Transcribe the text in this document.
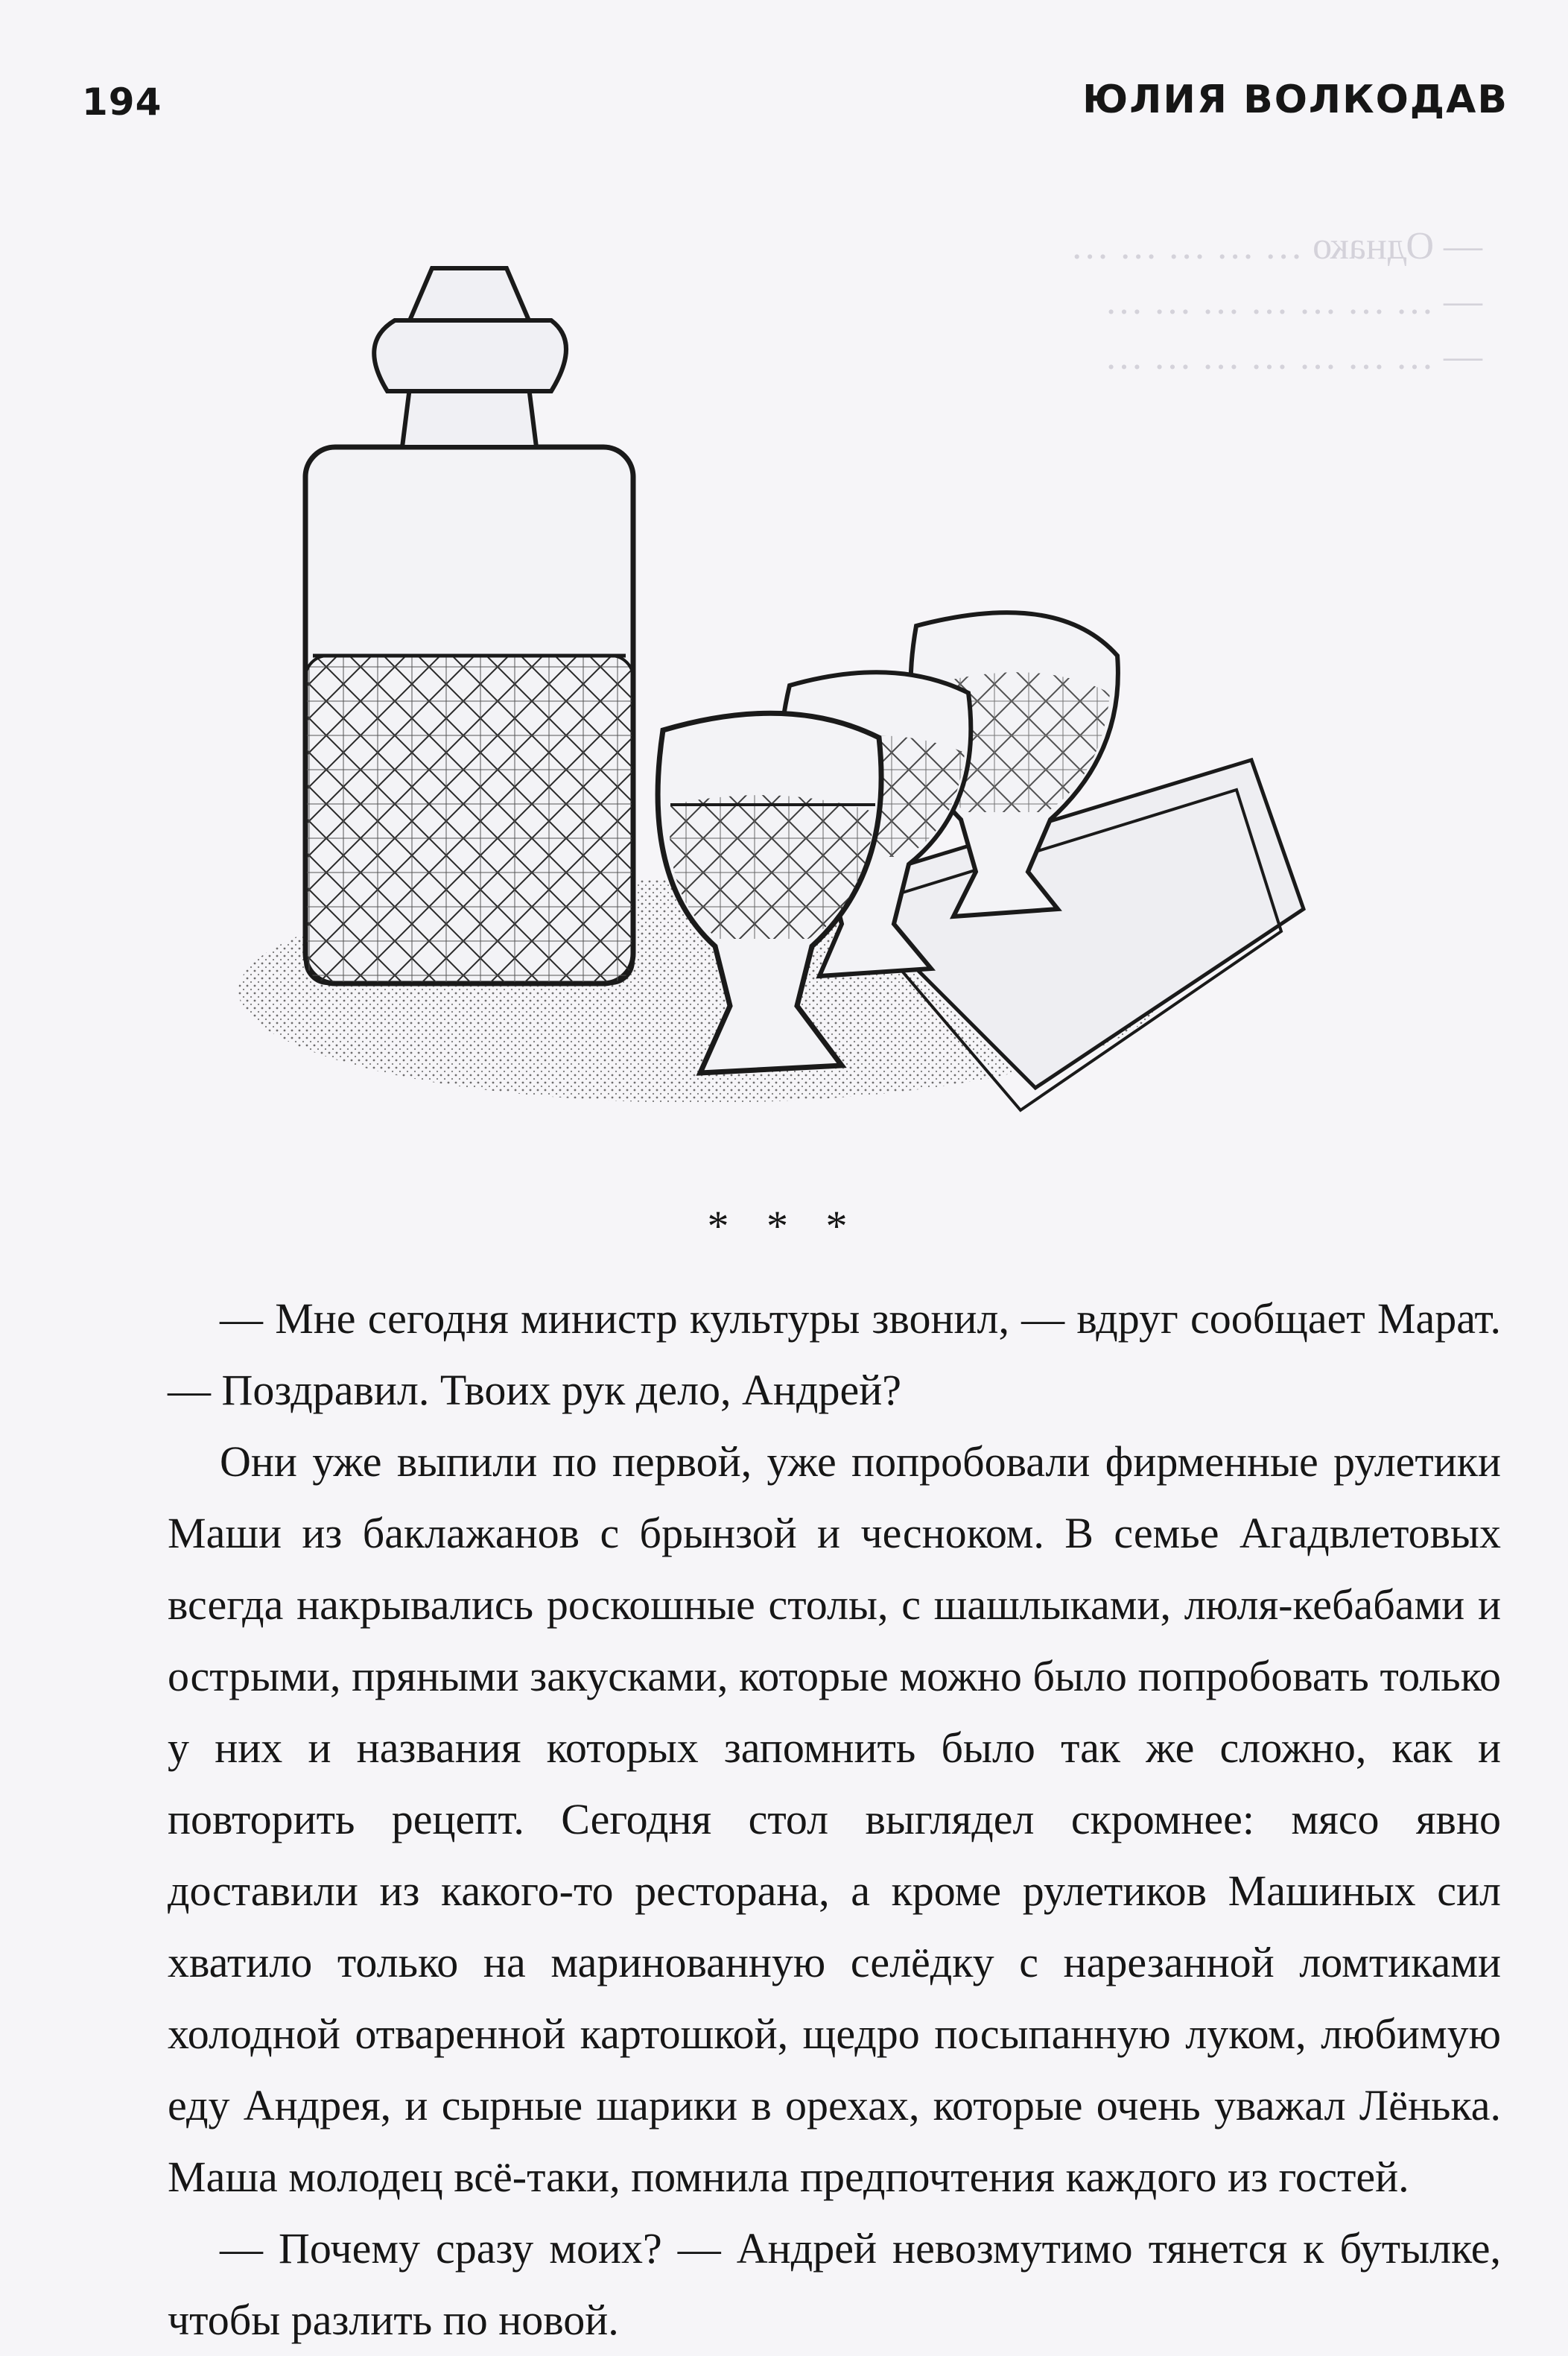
194	ЮЛИЯ ВОЛКОДАВ

— Однако … … … … …
— … … … … … … …
— … … … … … … …

* * *

— Мне сегодня министр культуры звонил, — вдруг сообщает Марат. — Поздравил. Твоих рук дело, Андрей?

Они уже выпили по первой, уже попробовали фирменные рулетики Маши из баклажанов с брынзой и чесноком. В семье Агадвлетовых всегда накрывались роскошные столы, с шашлыками, люля-кебабами и острыми, пряными закусками, которые можно было попробовать только у них и названия которых запомнить было так же сложно, как и повторить рецепт. Сегодня стол выглядел скромнее: мясо явно доставили из какого-то ресторана, а кроме рулетиков Машиных сил хватило только на маринованную селёдку с нарезанной ломтиками холодной отваренной картошкой, щедро посыпанную луком, любимую еду Андрея, и сырные шарики в орехах, которые очень уважал Лёнька. Маша молодец всё-таки, помнила предпочтения каждого из гостей.

— Почему сразу моих? — Андрей невозмутимо тянется к бутылке, чтобы разлить по новой.
